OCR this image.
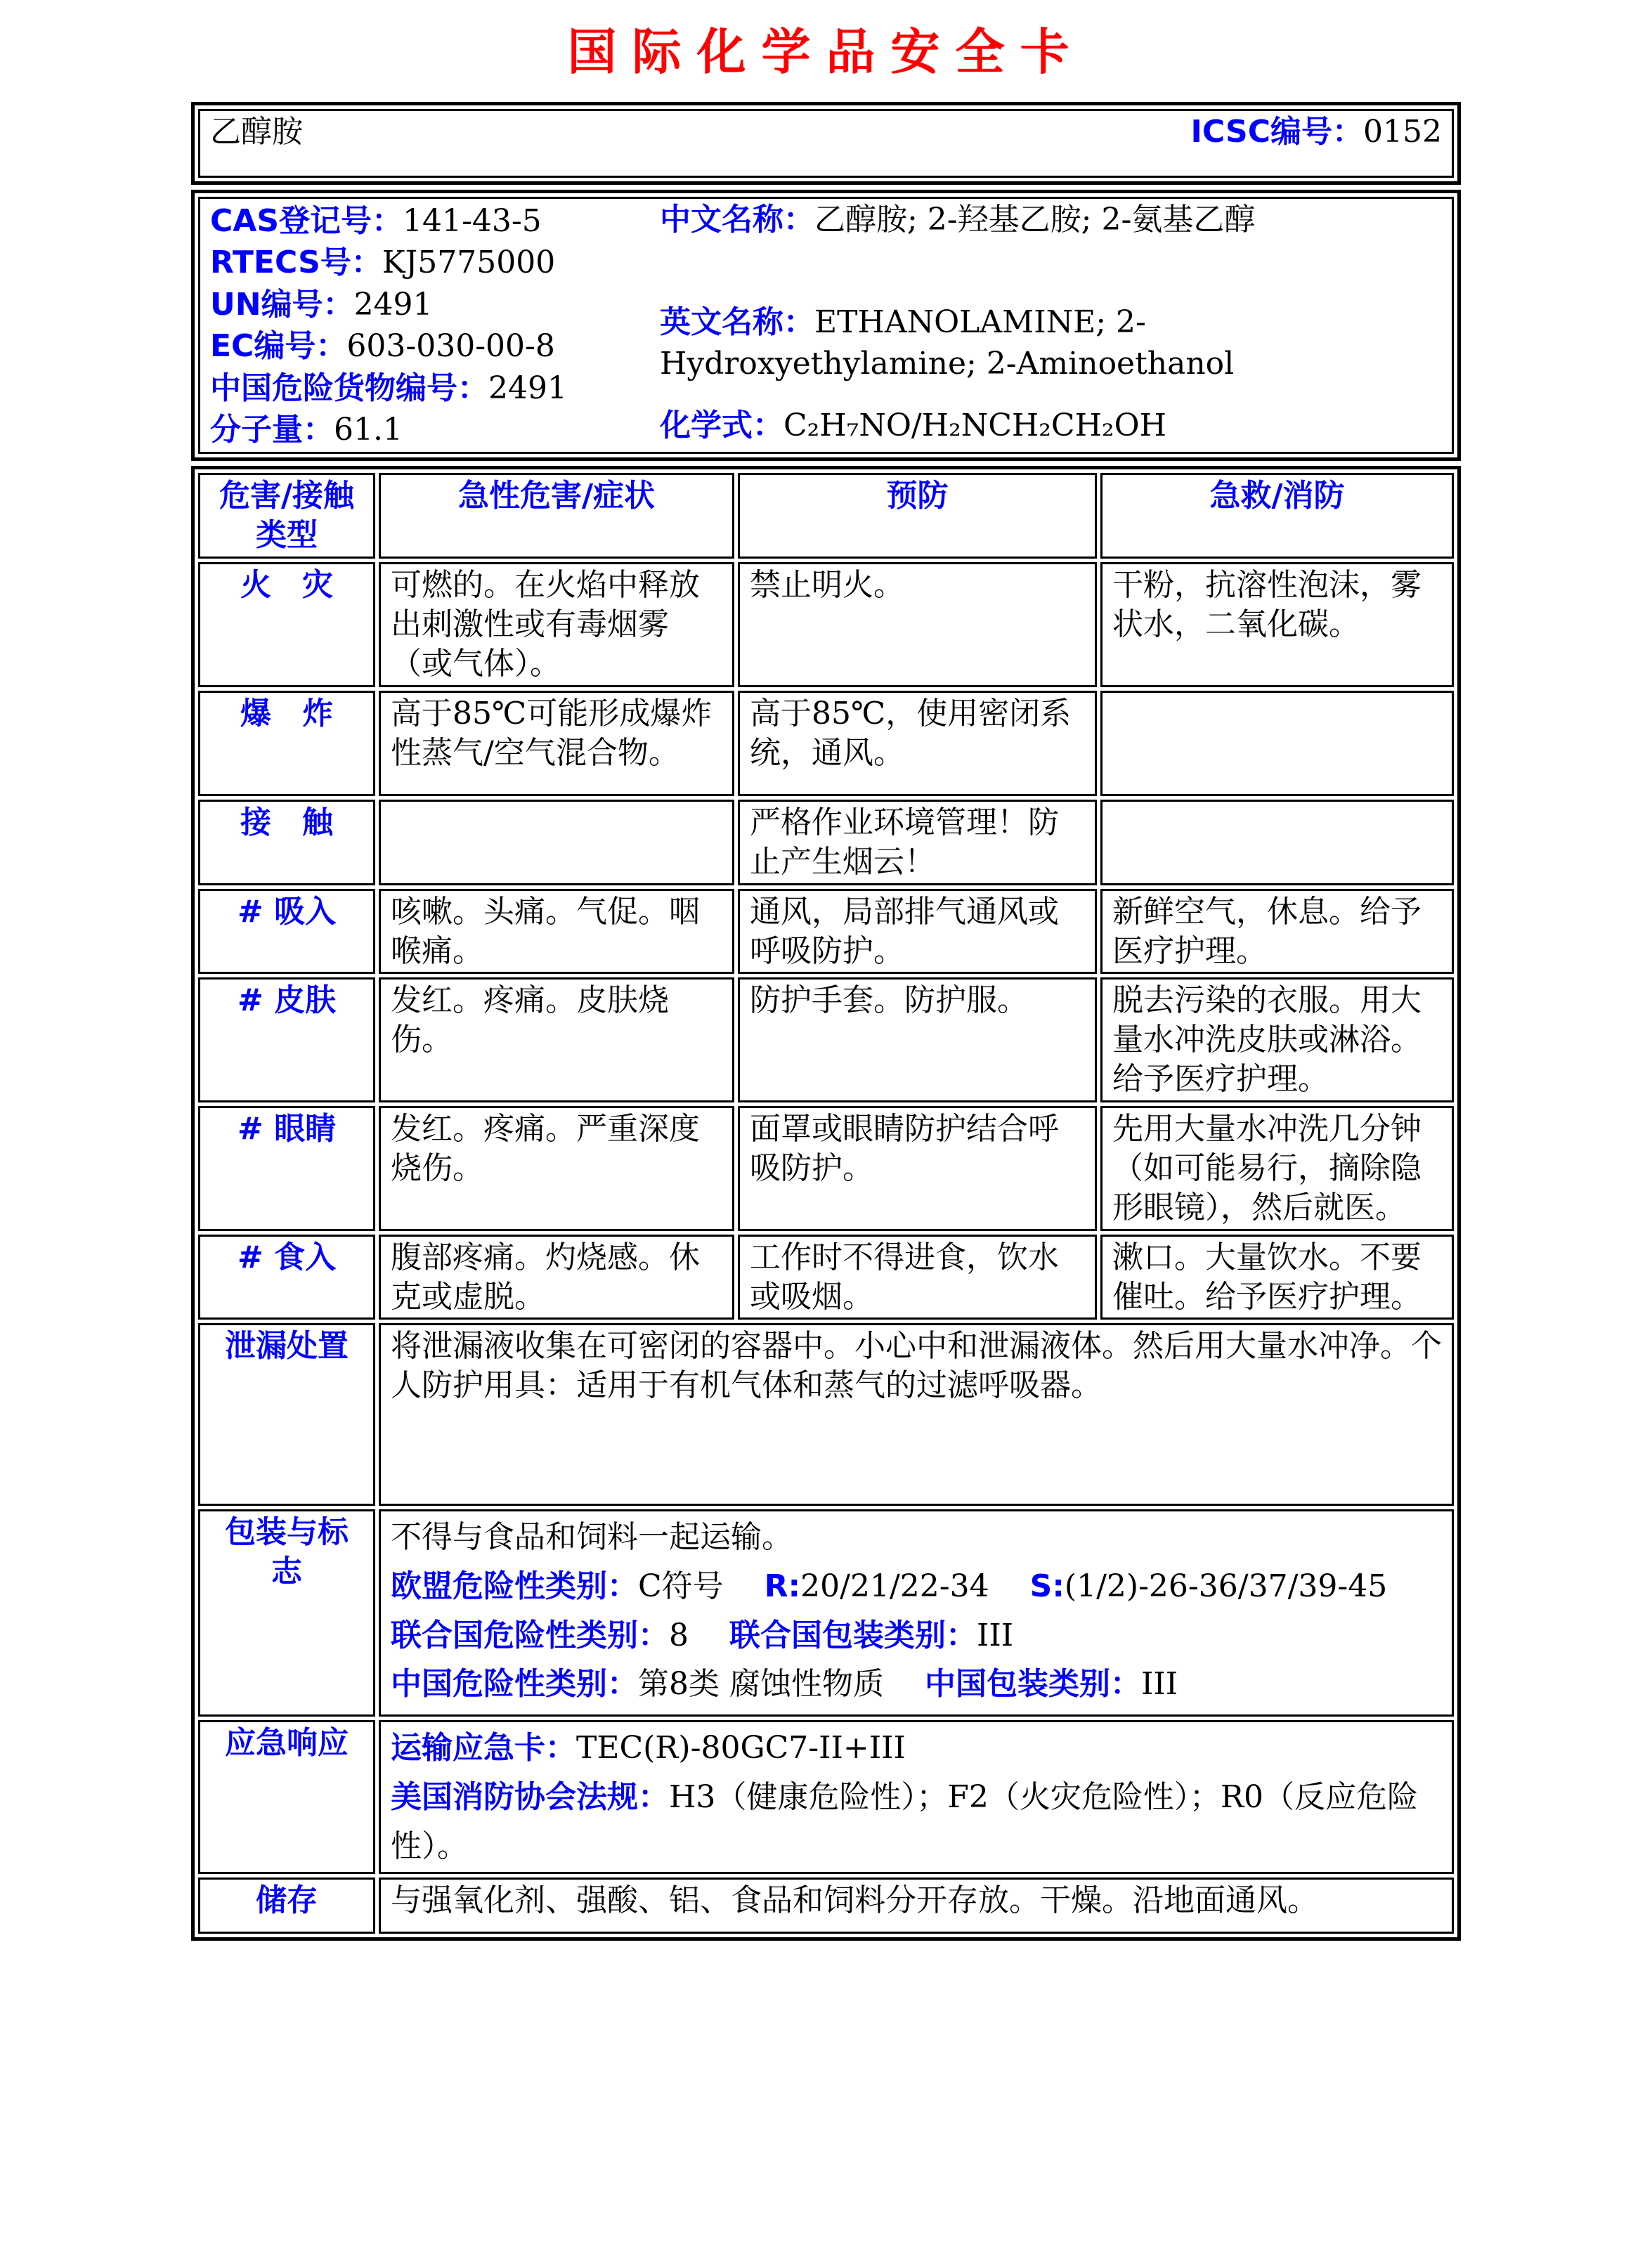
国际化学品安全卡
乙醇胺	ICSC编号：0152
CAS登记号：141-43-5
RTECS号：KJ5775000
UN编号：2491
EC编号：603-030-00-8
中国危险货物编号：2491
分子量：61.1
中文名称：乙醇胺; 2-羟基乙胺; 2-氨基乙醇
英文名称：ETHANOLAMINE; 2-Hydroxyethylamine; 2-Aminoethanol
化学式：C₂H₇NO/H₂NCH₂CH₂OH
危害/接触类型	急性危害/症状	预防	急救/消防
火　灾	可燃的。在火焰中释放出刺激性或有毒烟雾（或气体）。	禁止明火。	干粉，抗溶性泡沫，雾状水，二氧化碳。
爆　炸	高于85℃可能形成爆炸性蒸气/空气混合物。	高于85℃，使用密闭系统，通风。	
接　触		严格作业环境管理！防止产生烟云！	
# 吸入	咳嗽。头痛。气促。咽喉痛。	通风，局部排气通风或呼吸防护。	新鲜空气，休息。给予医疗护理。
# 皮肤	发红。疼痛。皮肤烧伤。	防护手套。防护服。	脱去污染的衣服。用大量水冲洗皮肤或淋浴。给予医疗护理。
# 眼睛	发红。疼痛。严重深度烧伤。	面罩或眼睛防护结合呼吸防护。	先用大量水冲洗几分钟（如可能易行，摘除隐形眼镜），然后就医。
# 食入	腹部疼痛。灼烧感。休克或虚脱。	工作时不得进食，饮水或吸烟。	漱口。大量饮水。不要催吐。给予医疗护理。
泄漏处置	将泄漏液收集在可密闭的容器中。小心中和泄漏液体。然后用大量水冲净。个人防护用具：适用于有机气体和蒸气的过滤呼吸器。		
包装与标志	不得与食品和饲料一起运输。
欧盟危险性类别：C符号 R:20/21/22-34 S:(1/2)-26-36/37/39-45
联合国危险性类别：8 联合国包装类别：III
中国危险性类别：第8类 腐蚀性物质 中国包装类别：III		

应急响应	运输应急卡：TEC(R)-80GC7-II+III
美国消防协会法规：H3（健康危险性）；F2（火灾危险性）；R0（反应危险性）。		

储存	与强氧化剂、强酸、铝、食品和饲料分开存放。干燥。沿地面通风。		
